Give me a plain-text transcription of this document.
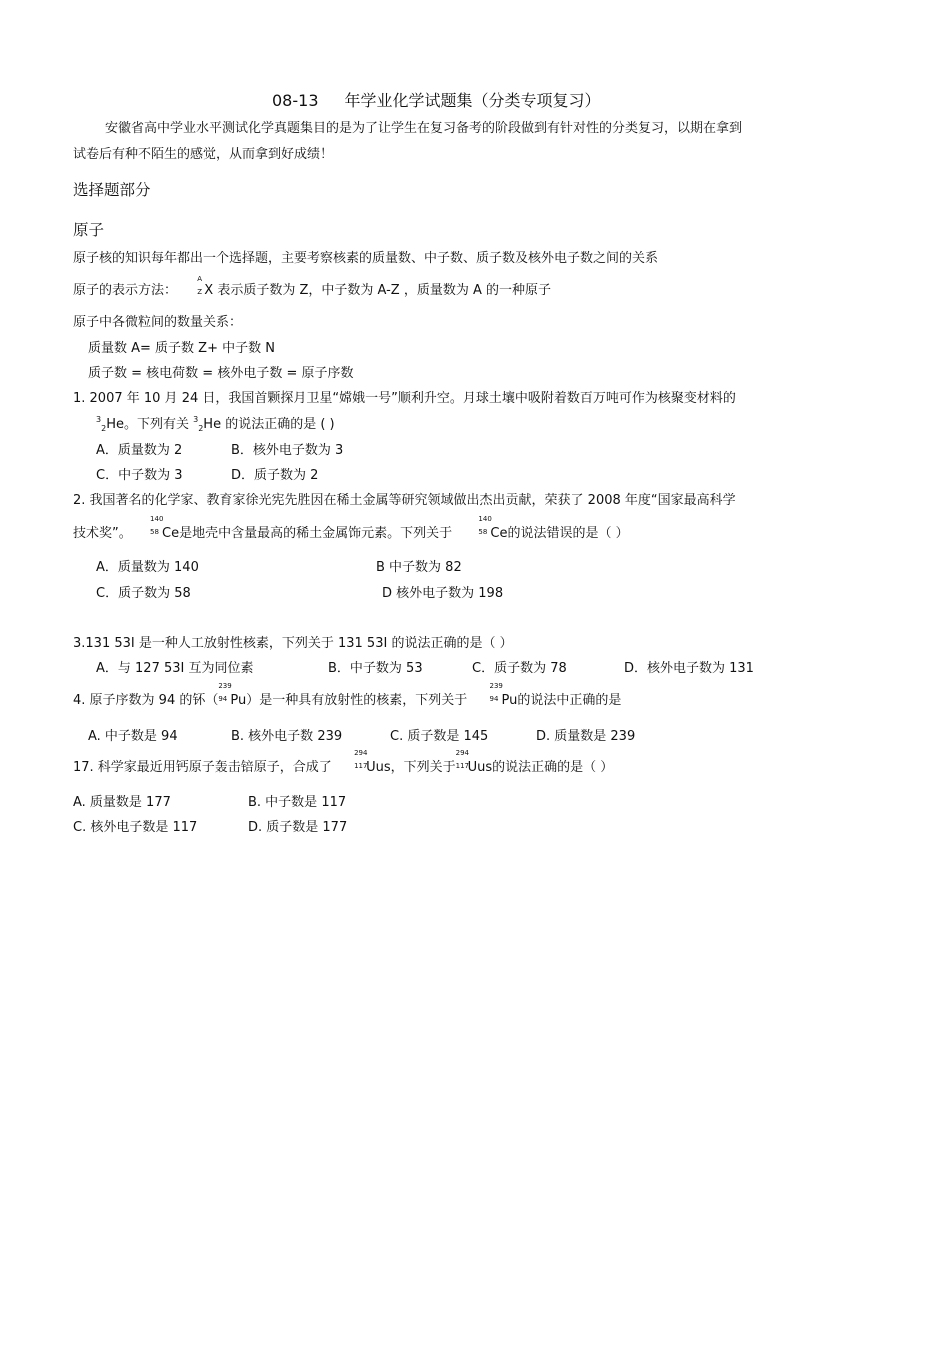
08-13 年学业化学试题集（分类专项复习）
安徽省高中学业水平测试化学真题集目的是为了让学生在复习备考的阶段做到有针对性的分类复习，以期在拿到
试卷后有种不陌生的感觉，从而拿到好成绩！
选择题部分
原子
原子核的知识每年都出一个选择题，主要考察核素的质量数、中子数、质子数及核外电子数之间的关系
原子的表示方法：
A
Z X 表示质子数为 Z，中子数为 A-Z ，质量数为 A 的一种原子
原子中各微粒间的数量关系：
质量数 A= 质子数 Z+ 中子数 N
质子数 = 核电荷数 = 核外电子数 = 原子序数
1. 2007 年 10 月 24 日，我国首颗探月卫星“嫦娥一号”顺利升空。月球土壤中吸附着数百万吨可作为核聚变材料的
$^3_2$He。下列有关 $^3_2$He 的说法正确的是 ( )
A．质量数为 2	B．核外电子数为 3
C．中子数为 3	D．质子数为 2
2. 我国著名的化学家、教育家徐光宪先胜因在稀土金属等研究领域做出杰出贡献，荣获了 2008 年度“国家最高科学
技术奖”。
140
58 Ce是地壳中含量最高的稀土金属饰元素。下列关于
140
58 Ce的说法错误的是（ ）
A．质量数为 140	B 中子数为 82
C．质子数为 58	D 核外电子数为 198
3.131 53I 是一种人工放射性核素，下列关于 131 53I 的说法正确的是（ ）
A．与 127 53I 互为同位素	B．中子数为 53	C．质子数为 78	D．核外电子数为 131
4. 原子序数为 94 的钚（
239
94 Pu）是一种具有放射性的核素，下列关于
239
94 Pu的说法中正确的是
A. 中子数是 94	B. 核外电子数 239	C. 质子数是 145	D. 质量数是 239
17. 科学家最近用钙原子轰击锫原子，合成了
294
117
Uus，下列关于
294
117
Uus的说法正确的是（ ）
A. 质量数是 177	B. 中子数是 117
C. 核外电子数是 117	D. 质子数是 177
